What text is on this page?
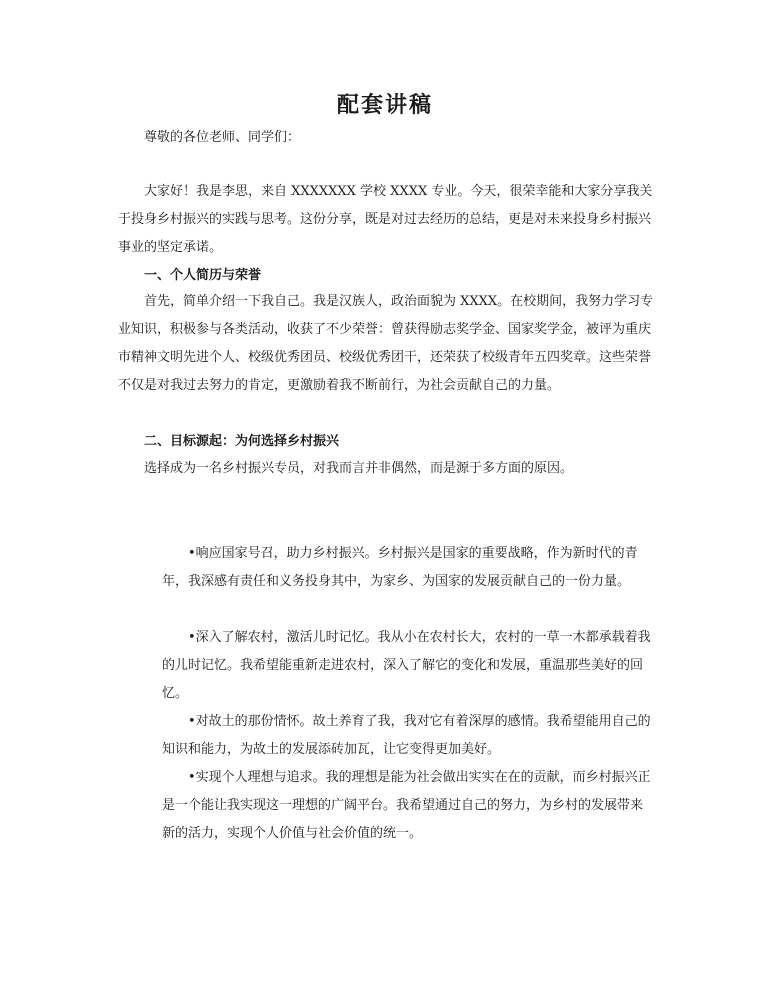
配套讲稿

尊敬的各位老师、同学们：

大家好！我是李思，来自 XXXXXXX 学校 XXXX 专业。今天，很荣幸能和大家分享我关于投身乡村振兴的实践与思考。这份分享，既是对过去经历的总结，更是对未来投身乡村振兴事业的坚定承诺。

一、个人简历与荣誉

首先，简单介绍一下我自己。我是汉族人，政治面貌为 XXXX。在校期间，我努力学习专业知识，积极参与各类活动，收获了不少荣誉：曾获得励志奖学金、国家奖学金，被评为重庆市精神文明先进个人、校级优秀团员、校级优秀团干，还荣获了校级青年五四奖章。这些荣誉不仅是对我过去努力的肯定，更激励着我不断前行，为社会贡献自己的力量。

二、目标源起：为何选择乡村振兴

选择成为一名乡村振兴专员，对我而言并非偶然，而是源于多方面的原因。

•响应国家号召，助力乡村振兴。乡村振兴是国家的重要战略，作为新时代的青年，我深感有责任和义务投身其中，为家乡、为国家的发展贡献自己的一份力量。

•深入了解农村，激活儿时记忆。我从小在农村长大，农村的一草一木都承载着我的儿时记忆。我希望能重新走进农村，深入了解它的变化和发展，重温那些美好的回忆。

•对故土的那份情怀。故土养育了我，我对它有着深厚的感情。我希望能用自己的知识和能力，为故土的发展添砖加瓦，让它变得更加美好。

•实现个人理想与追求。我的理想是能为社会做出实实在在的贡献，而乡村振兴正是一个能让我实现这一理想的广阔平台。我希望通过自己的努力，为乡村的发展带来新的活力，实现个人价值与社会价值的统一。
